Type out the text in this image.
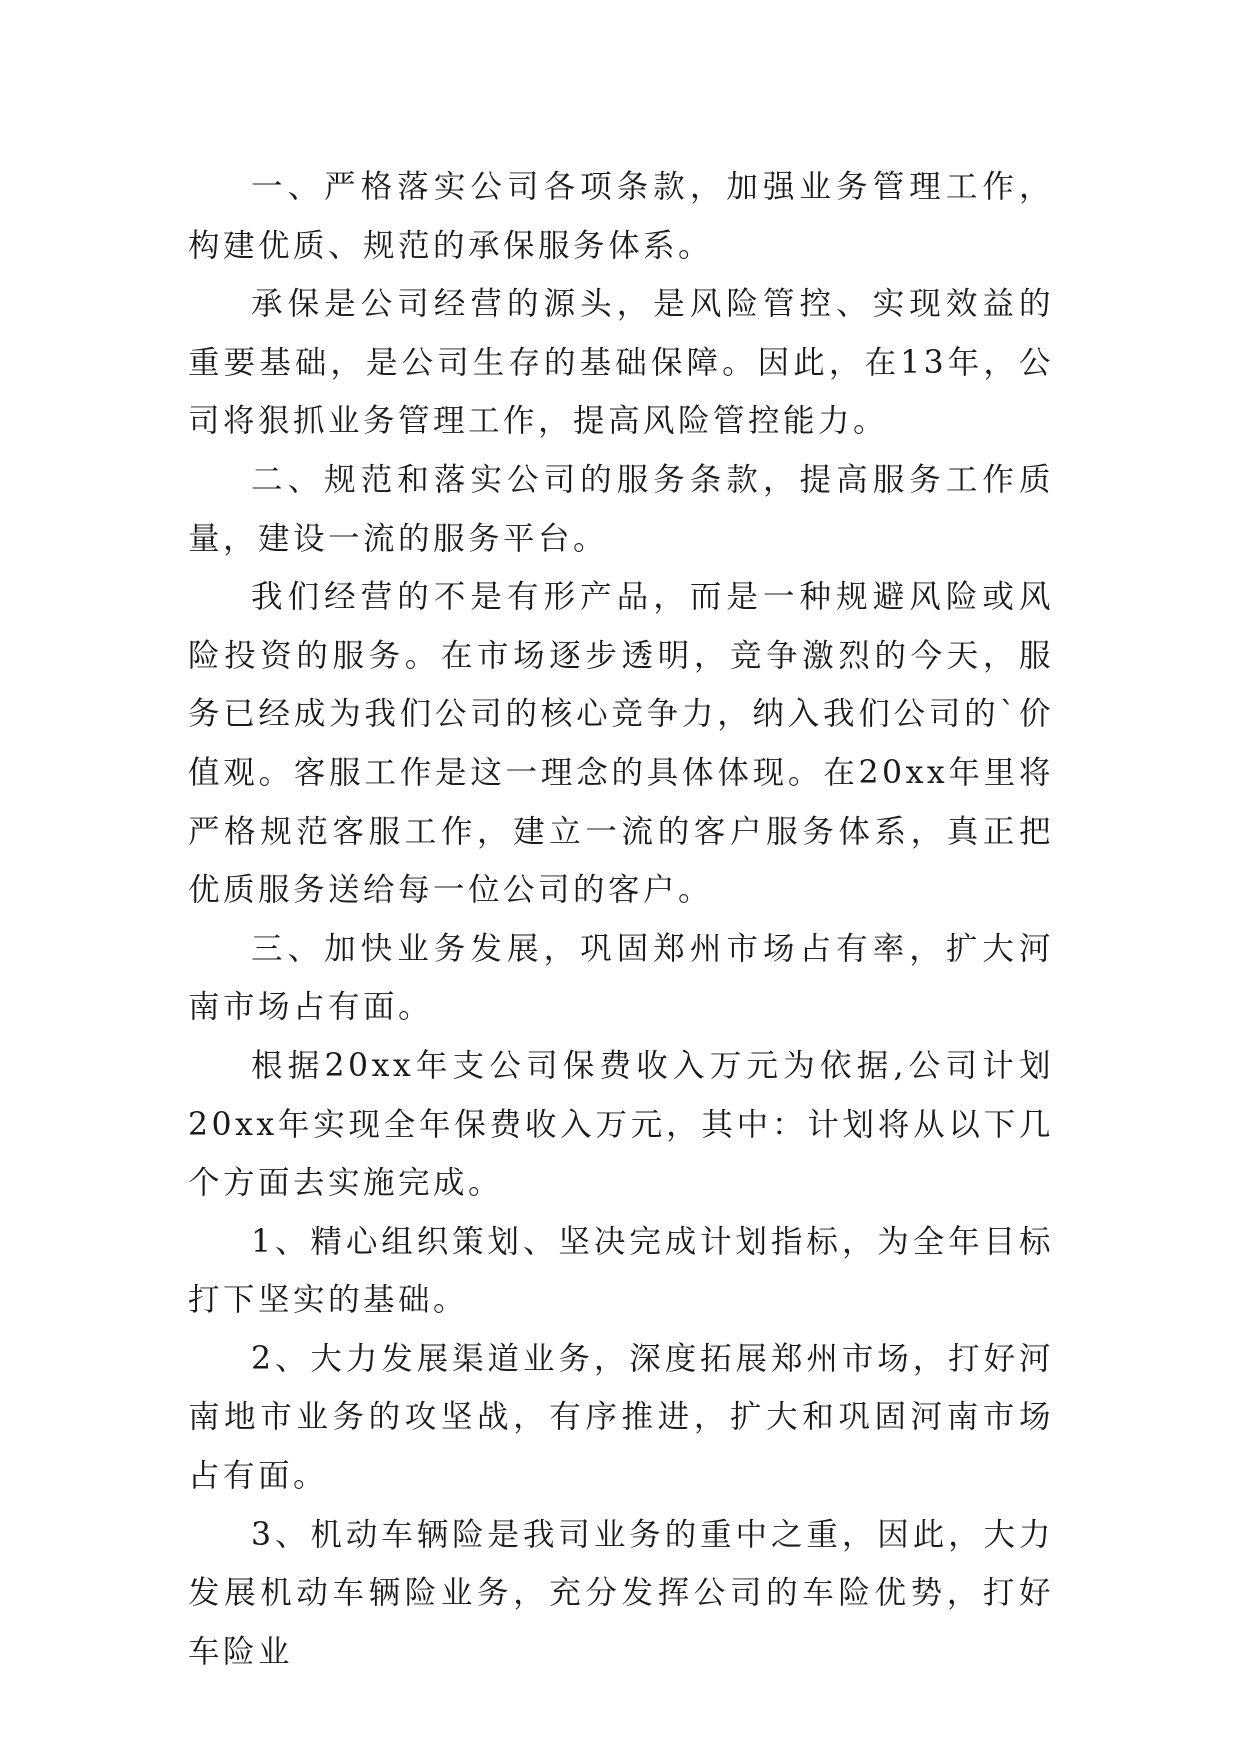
一、严格落实公司各项条款，加强业务管理工作，构建优质、规范的承保服务体系。

承保是公司经营的源头，是风险管控、实现效益的重要基础，是公司生存的基础保障。因此，在13年，公司将狠抓业务管理工作，提高风险管控能力。

二、规范和落实公司的服务条款，提高服务工作质量，建设一流的服务平台。

我们经营的不是有形产品，而是一种规避风险或风险投资的服务。在市场逐步透明，竞争激烈的今天，服务已经成为我们公司的核心竞争力，纳入我们公司的`价值观。客服工作是这一理念的具体体现。在20xx年里将严格规范客服工作，建立一流的客户服务体系，真正把优质服务送给每一位公司的客户。

三、加快业务发展，巩固郑州市场占有率，扩大河南市场占有面。

根据20xx年支公司保费收入万元为依据,公司计划20xx年实现全年保费收入万元，其中：计划将从以下几个方面去实施完成。

1、精心组织策划、坚决完成计划指标，为全年目标打下坚实的基础。

2、大力发展渠道业务，深度拓展郑州市场，打好河南地市业务的攻坚战，有序推进，扩大和巩固河南市场占有面。

3、机动车辆险是我司业务的重中之重，因此，大力发展机动车辆险业务，充分发挥公司的车险优势，打好车险业
